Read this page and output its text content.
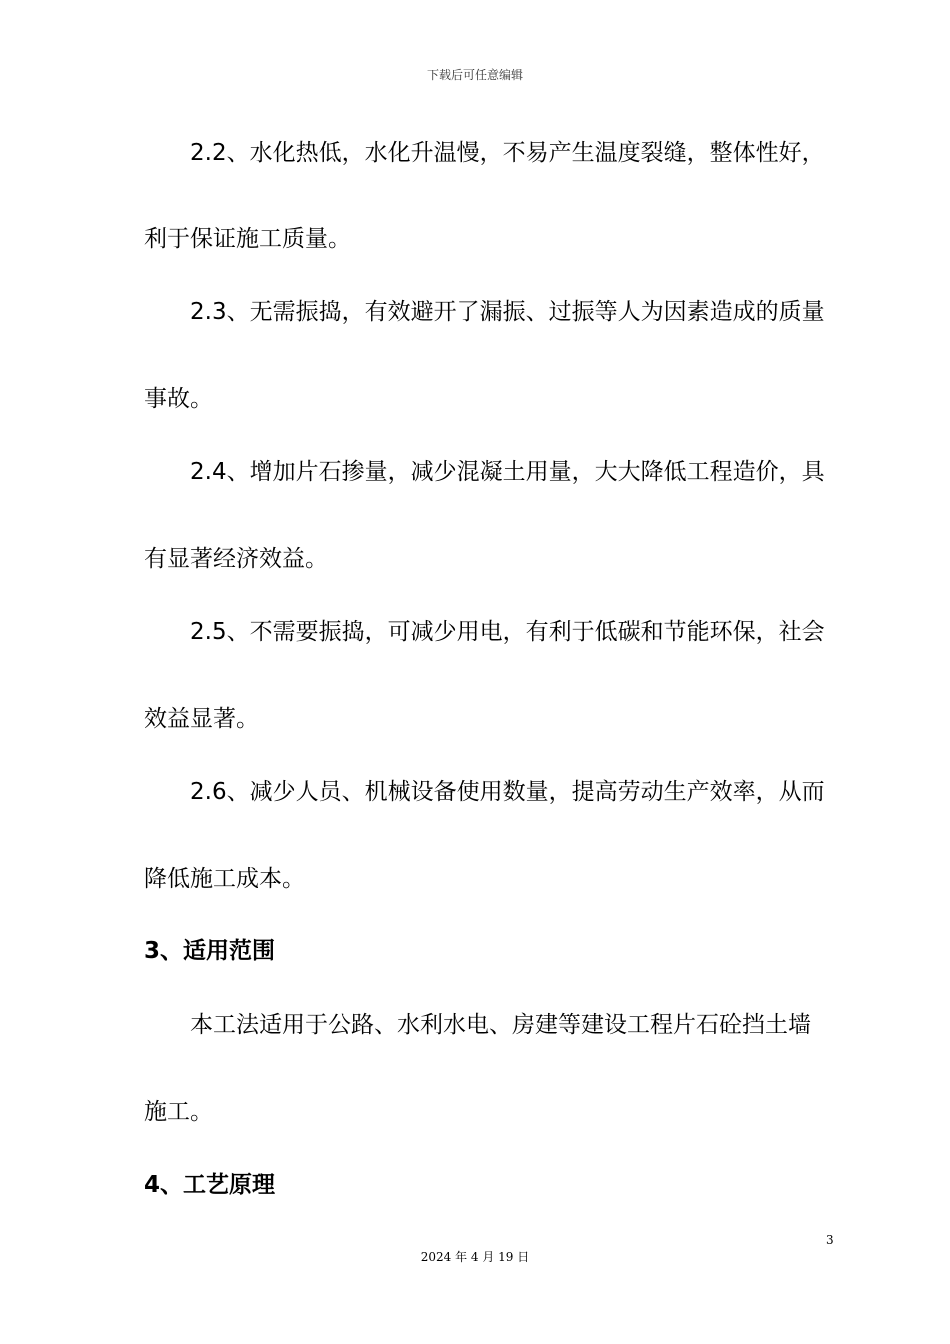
下载后可任意编辑
2.2、水化热低，水化升温慢，不易产生温度裂缝，整体性好，
利于保证施工质量。
2.3、无需振捣，有效避开了漏振、过振等人为因素造成的质量
事故。
2.4、增加片石掺量，减少混凝土用量，大大降低工程造价，具
有显著经济效益。
2.5、不需要振捣，可减少用电，有利于低碳和节能环保，社会
效益显著。
2.6、减少人员、机械设备使用数量，提高劳动生产效率，从而
降低施工成本。
3、适用范围
本工法适用于公路、水利水电、房建等建设工程片石砼挡土墙
施工。
4、工艺原理
3
2024 年 4 月 19 日
